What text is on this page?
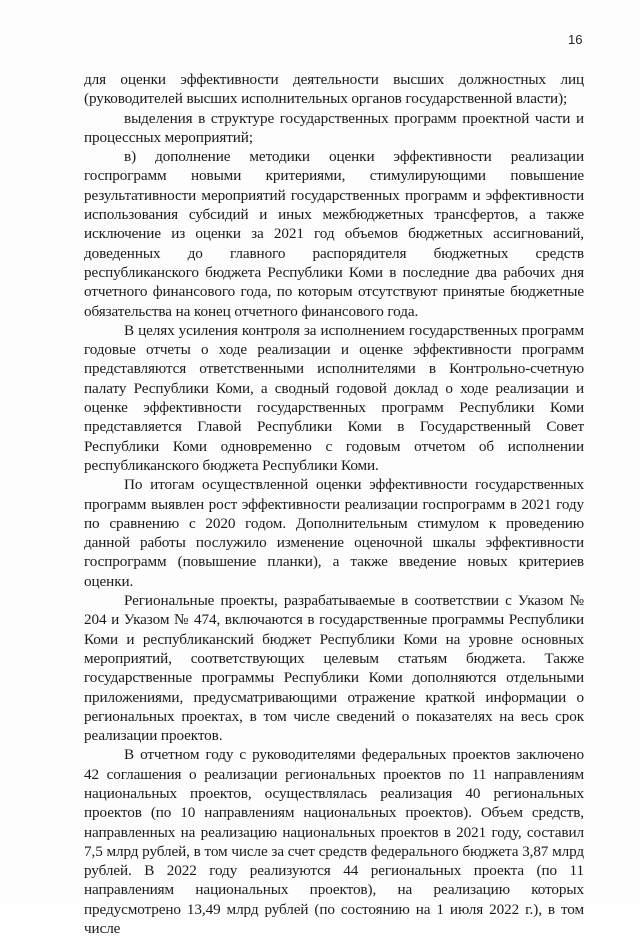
16

для оценки эффективности деятельности высших должностных лиц (руководителей высших исполнительных органов государственной власти);

выделения в структуре государственных программ проектной части и процессных мероприятий;

в) дополнение методики оценки эффективности реализации госпрограмм новыми критериями, стимулирующими повышение результативности мероприятий государственных программ и эффективности использования субсидий и иных межбюджетных трансфертов, а также исключение из оценки за 2021 год объемов бюджетных ассигнований, доведенных до главного распорядителя бюджетных средств республиканского бюджета Республики Коми в последние два рабочих дня отчетного финансового года, по которым отсутствуют принятые бюджетные обязательства на конец отчетного финансового года.

В целях усиления контроля за исполнением государственных программ годовые отчеты о ходе реализации и оценке эффективности программ представляются ответственными исполнителями в Контрольно-счетную палату Республики Коми, а сводный годовой доклад о ходе реализации и оценке эффективности государственных программ Республики Коми представляется Главой Республики Коми в Государственный Совет Республики Коми одновременно с годовым отчетом об исполнении республиканского бюджета Республики Коми.

По итогам осуществленной оценки эффективности государственных программ выявлен рост эффективности реализации госпрограмм в 2021 году по сравнению с 2020 годом. Дополнительным стимулом к проведению данной работы послужило изменение оценочной шкалы эффективности госпрограмм (повышение планки), а также введение новых критериев оценки.

Региональные проекты, разрабатываемые в соответствии с Указом № 204 и Указом № 474, включаются в государственные программы Республики Коми и республиканский бюджет Республики Коми на уровне основных мероприятий, соответствующих целевым статьям бюджета. Также государственные программы Республики Коми дополняются отдельными приложениями, предусматривающими отражение краткой информации о региональных проектах, в том числе сведений о показателях на весь срок реализации проектов.

В отчетном году с руководителями федеральных проектов заключено 42 соглашения о реализации региональных проектов по 11 направлениям национальных проектов, осуществлялась реализация 40 региональных проектов (по 10 направлениям национальных проектов). Объем средств, направленных на реализацию национальных проектов в 2021 году, составил 7,5 млрд рублей, в том числе за счет средств федерального бюджета 3,87 млрд рублей. В 2022 году реализуются 44 региональных проекта (по 11 направлениям национальных проектов), на реализацию которых предусмотрено 13,49 млрд рублей (по состоянию на 1 июля 2022 г.), в том числе
